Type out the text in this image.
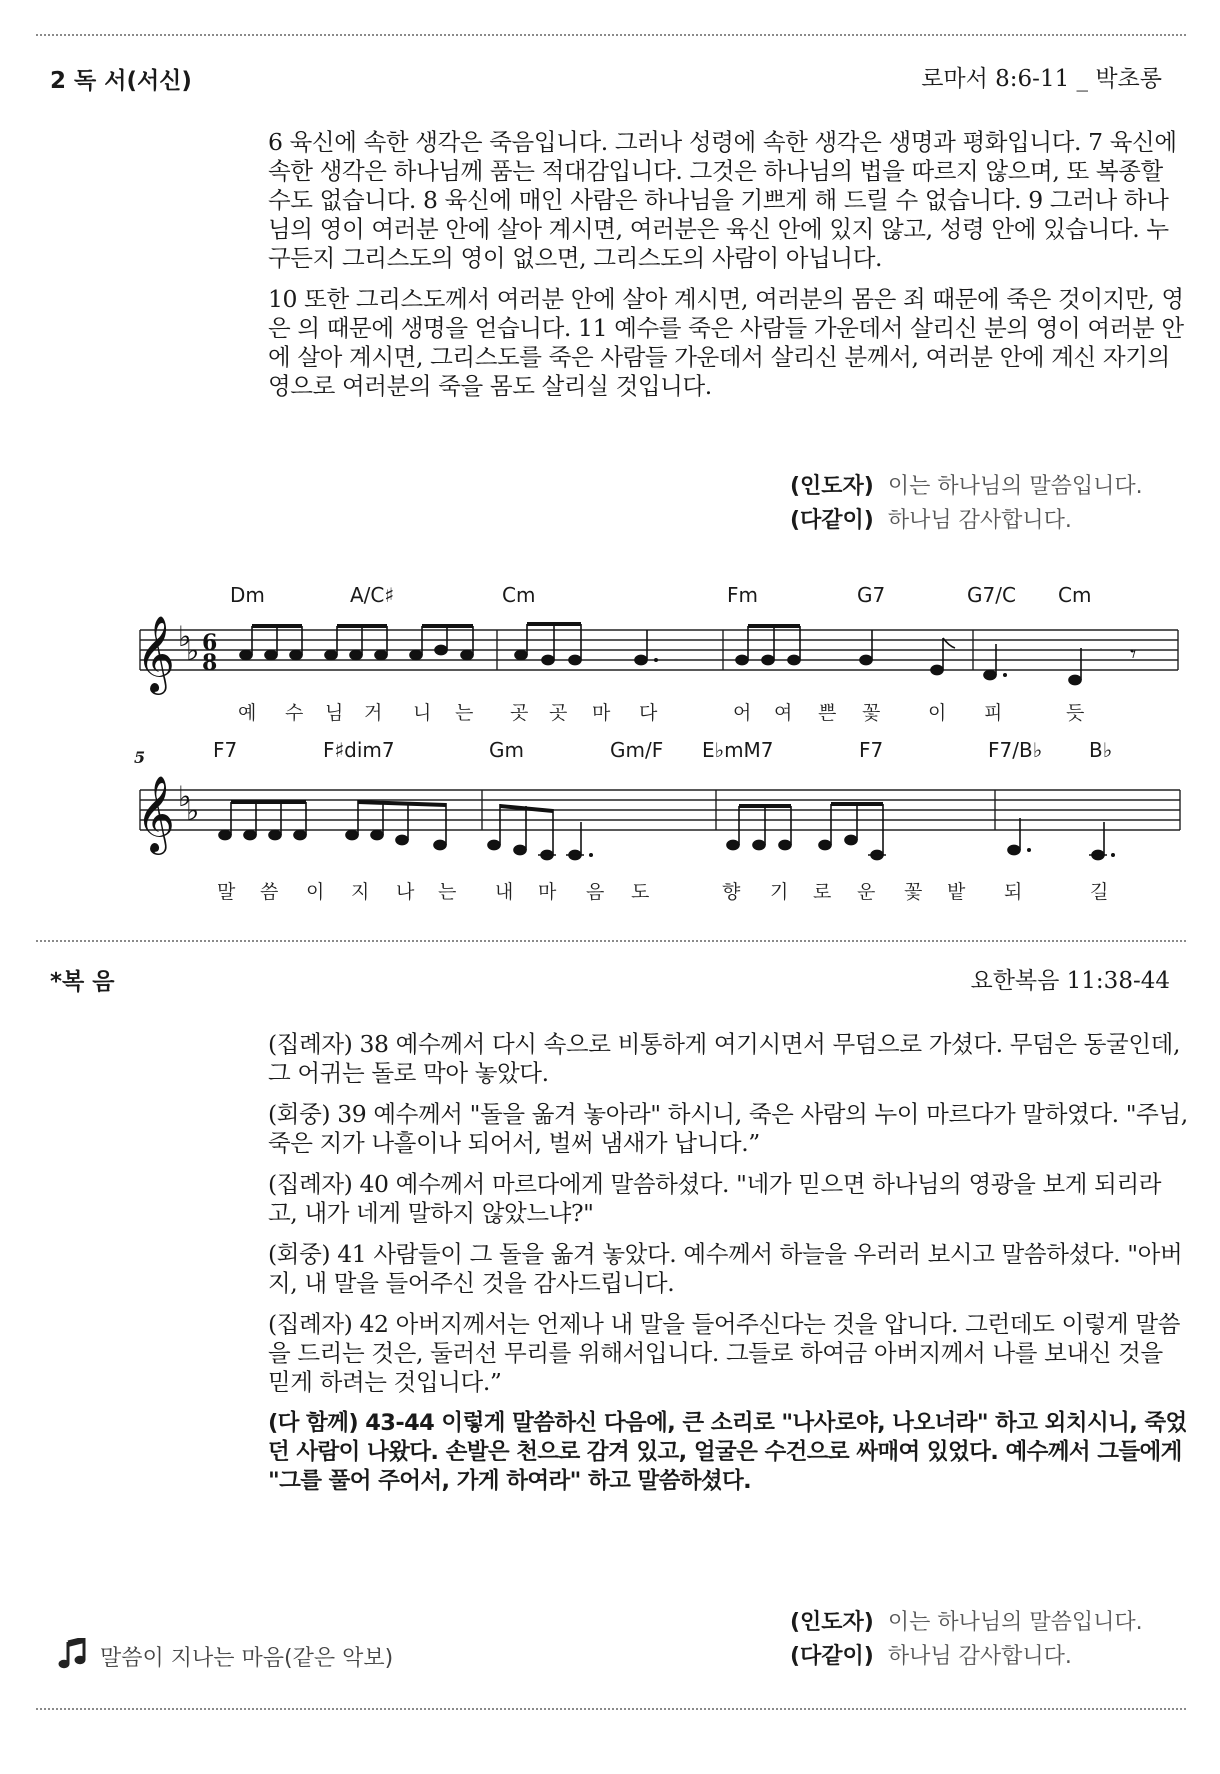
2 독 서(서신)	로마서 8:6-11 _ 박초롱

6 육신에 속한 생각은 죽음입니다. 그러나 성령에 속한 생각은 생명과 평화입니다. 7 육신에 속한 생각은 하나님께 품는 적대감입니다. 그것은 하나님의 법을 따르지 않으며, 또 복종할 수도 없습니다. 8 육신에 매인 사람은 하나님을 기쁘게 해 드릴 수 없습니다. 9 그러나 하나님의 영이 여러분 안에 살아 계시면, 여러분은 육신 안에 있지 않고, 성령 안에 있습니다. 누구든지 그리스도의 영이 없으면, 그리스도의 사람이 아닙니다.

10 또한 그리스도께서 여러분 안에 살아 계시면, 여러분의 몸은 죄 때문에 죽은 것이지만, 영은 의 때문에 생명을 얻습니다. 11 예수를 죽은 사람들 가운데서 살리신 분의 영이 여러분 안에 살아 계시면, 그리스도를 죽은 사람들 가운데서 살리신 분께서, 여러분 안에 계신 자기의 영으로 여러분의 죽을 몸도 살리실 것입니다.

(인도자) 이는 하나님의 말씀입니다.
(다같이) 하나님 감사합니다.
Dm	A/C♯	Cm	Fm	G7	G7/C Cm
𝄞 ♭
♭ 6
8	𝄾
예 수 님 거 니 는 곳 곳 마 다	어 여 쁜 꽃	이 피	듯
5	F7	F♯dim7	Gm	Gm/F E♭mM7	F7	F7/B♭ B♭
𝄞 ♭
♭
말 씀 이 지 나 는 내 마 음 도	향 기 로 운 꽃 밭 되	길
*복 음	요한복음 11:38-44

(집례자) 38 예수께서 다시 속으로 비통하게 여기시면서 무덤으로 가셨다. 무덤은 동굴인데, 그 어귀는 돌로 막아 놓았다.

(회중) 39 예수께서 "돌을 옮겨 놓아라" 하시니, 죽은 사람의 누이 마르다가 말하였다. "주님, 죽은 지가 나흘이나 되어서, 벌써 냄새가 납니다.”

(집례자) 40 예수께서 마르다에게 말씀하셨다. "네가 믿으면 하나님의 영광을 보게 되리라고, 내가 네게 말하지 않았느냐?"

(회중) 41 사람들이 그 돌을 옮겨 놓았다. 예수께서 하늘을 우러러 보시고 말씀하셨다. "아버지, 내 말을 들어주신 것을 감사드립니다.

(집례자) 42 아버지께서는 언제나 내 말을 들어주신다는 것을 압니다. 그런데도 이렇게 말씀을 드리는 것은, 둘러선 무리를 위해서입니다. 그들로 하여금 아버지께서 나를 보내신 것을 믿게 하려는 것입니다.”

(다 함께) 43-44 이렇게 말씀하신 다음에, 큰 소리로 "나사로야, 나오너라" 하고 외치시니, 죽었던 사람이 나왔다. 손발은 천으로 감겨 있고, 얼굴은 수건으로 싸매여 있었다. 예수께서 그들에게 "그를 풀어 주어서, 가게 하여라" 하고 말씀하셨다.

(인도자) 이는 하나님의 말씀입니다.
(다같이) 하나님 감사합니다.
말씀이 지나는 마음(같은 악보)
